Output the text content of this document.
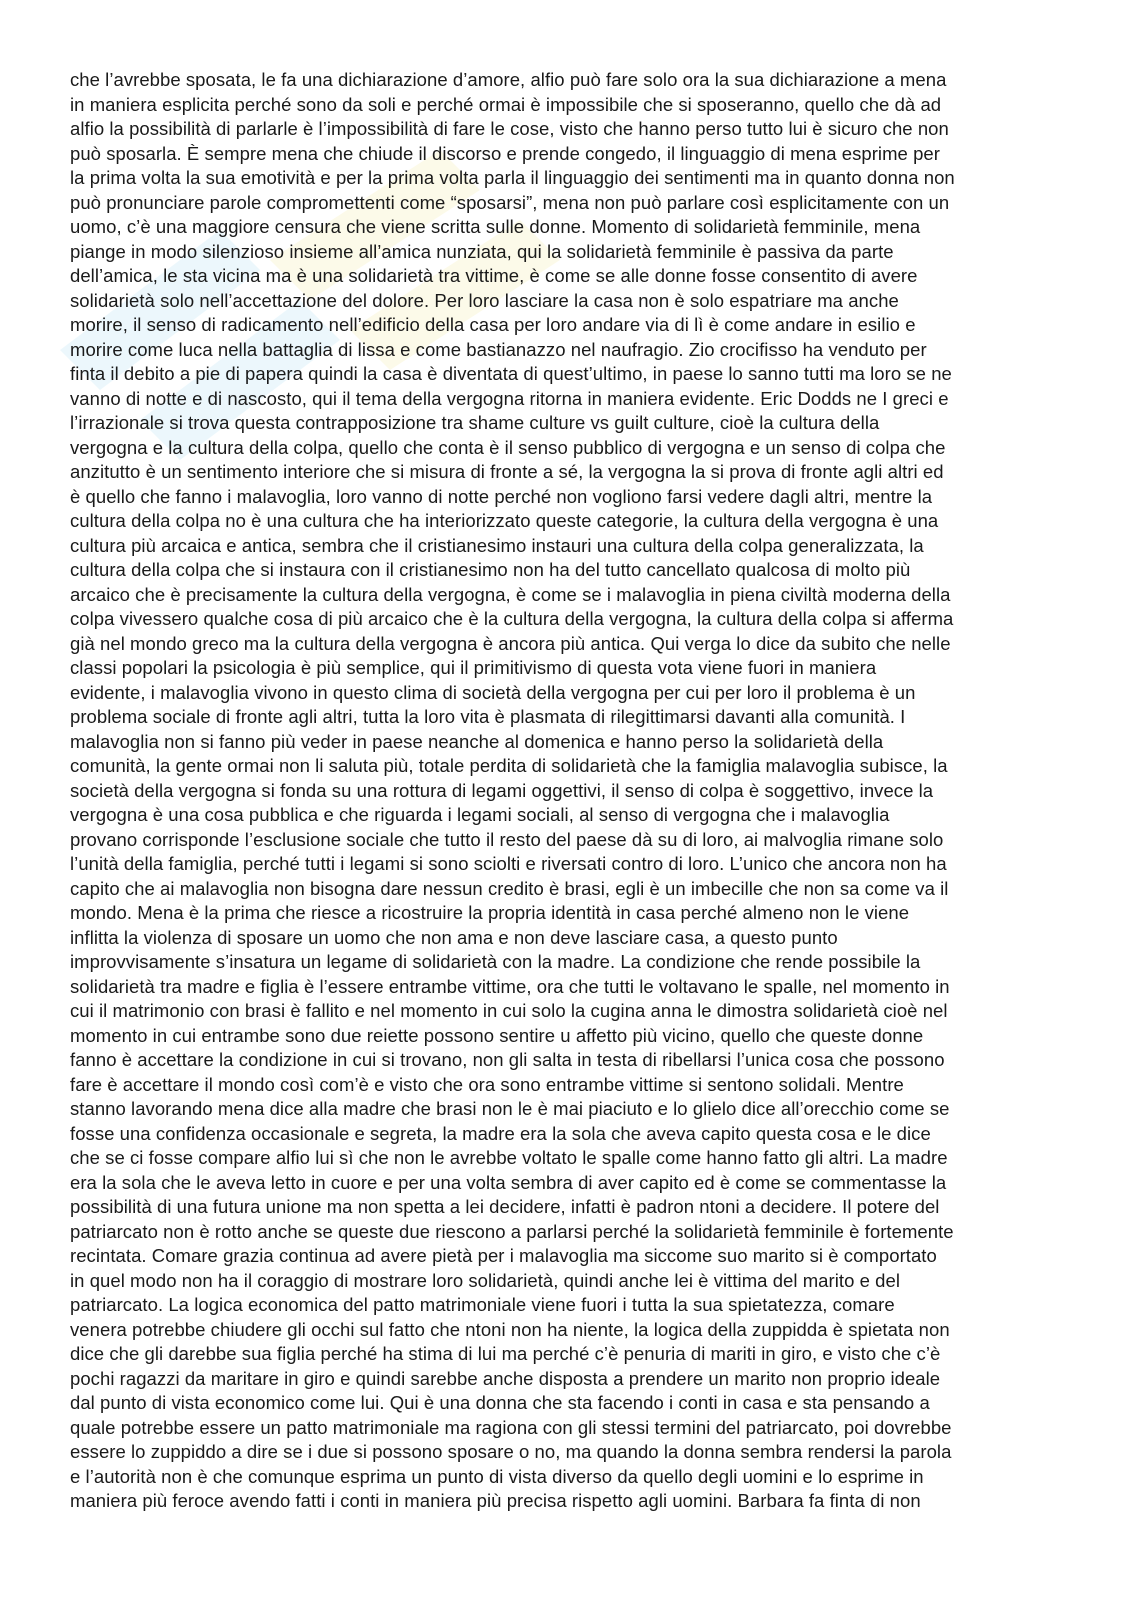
che l’avrebbe sposata, le fa una dichiarazione d’amore, alfio può fare solo ora la sua dichiarazione a mena
in maniera esplicita perché sono da soli e perché ormai è impossibile che si sposeranno, quello che dà ad
alfio la possibilità di parlarle è l’impossibilità di fare le cose, visto che hanno perso tutto lui è sicuro che non
può sposarla. È sempre mena che chiude il discorso e prende congedo, il linguaggio di mena esprime per
la prima volta la sua emotività e per la prima volta parla il linguaggio dei sentimenti ma in quanto donna non
può pronunciare parole compromettenti come “sposarsi”, mena non può parlare così esplicitamente con un
uomo, c’è una maggiore censura che viene scritta sulle donne. Momento di solidarietà femminile, mena
piange in modo silenzioso insieme all’amica nunziata, qui la solidarietà femminile è passiva da parte
dell’amica, le sta vicina ma è una solidarietà tra vittime, è come se alle donne fosse consentito di avere
solidarietà solo nell’accettazione del dolore. Per loro lasciare la casa non è solo espatriare ma anche
morire, il senso di radicamento nell’edificio della casa per loro andare via di lì è come andare in esilio e
morire come luca nella battaglia di lissa e come bastianazzo nel naufragio. Zio crocifisso ha venduto per
finta il debito a pie di papera quindi la casa è diventata di quest’ultimo, in paese lo sanno tutti ma loro se ne
vanno di notte e di nascosto, qui il tema della vergogna ritorna in maniera evidente. Eric Dodds ne I greci e
l’irrazionale si trova questa contrapposizione tra shame culture vs guilt culture, cioè la cultura della
vergogna e la cultura della colpa, quello che conta è il senso pubblico di vergogna e un senso di colpa che
anzitutto è un sentimento interiore che si misura di fronte a sé, la vergogna la si prova di fronte agli altri ed
è quello che fanno i malavoglia, loro vanno di notte perché non vogliono farsi vedere dagli altri, mentre la
cultura della colpa no è una cultura che ha interiorizzato queste categorie, la cultura della vergogna è una
cultura più arcaica e antica, sembra che il cristianesimo instauri una cultura della colpa generalizzata, la
cultura della colpa che si instaura con il cristianesimo non ha del tutto cancellato qualcosa di molto più
arcaico che è precisamente la cultura della vergogna, è come se i malavoglia in piena civiltà moderna della
colpa vivessero qualche cosa di più arcaico che è la cultura della vergogna, la cultura della colpa si afferma
già nel mondo greco ma la cultura della vergogna è ancora più antica. Qui verga lo dice da subito che nelle
classi popolari la psicologia è più semplice, qui il primitivismo di questa vota viene fuori in maniera
evidente, i malavoglia vivono in questo clima di società della vergogna per cui per loro il problema è un
problema sociale di fronte agli altri, tutta la loro vita è plasmata di rilegittimarsi davanti alla comunità. I
malavoglia non si fanno più veder in paese neanche al domenica e hanno perso la solidarietà della
comunità, la gente ormai non li saluta più, totale perdita di solidarietà che la famiglia malavoglia subisce, la
società della vergogna si fonda su una rottura di legami oggettivi, il senso di colpa è soggettivo, invece la
vergogna è una cosa pubblica e che riguarda i legami sociali, al senso di vergogna che i malavoglia
provano corrisponde l’esclusione sociale che tutto il resto del paese dà su di loro, ai malvoglia rimane solo
l’unità della famiglia, perché tutti i legami si sono sciolti e riversati contro di loro. L’unico che ancora non ha
capito che ai malavoglia non bisogna dare nessun credito è brasi, egli è un imbecille che non sa come va il
mondo. Mena è la prima che riesce a ricostruire la propria identità in casa perché almeno non le viene
inflitta la violenza di sposare un uomo che non ama e non deve lasciare casa, a questo punto
improvvisamente s’insatura un legame di solidarietà con la madre. La condizione che rende possibile la
solidarietà tra madre e figlia è l’essere entrambe vittime, ora che tutti le voltavano le spalle, nel momento in
cui il matrimonio con brasi è fallito e nel momento in cui solo la cugina anna le dimostra solidarietà cioè nel
momento in cui entrambe sono due reiette possono sentire u affetto più vicino, quello che queste donne
fanno è accettare la condizione in cui si trovano, non gli salta in testa di ribellarsi l’unica cosa che possono
fare è accettare il mondo così com’è e visto che ora sono entrambe vittime si sentono solidali. Mentre
stanno lavorando mena dice alla madre che brasi non le è mai piaciuto e lo glielo dice all’orecchio come se
fosse una confidenza occasionale e segreta, la madre era la sola che aveva capito questa cosa e le dice
che se ci fosse compare alfio lui sì che non le avrebbe voltato le spalle come hanno fatto gli altri. La madre
era la sola che le aveva letto in cuore e per una volta sembra di aver capito ed è come se commentasse la
possibilità di una futura unione ma non spetta a lei decidere, infatti è padron ntoni a decidere. Il potere del
patriarcato non è rotto anche se queste due riescono a parlarsi perché la solidarietà femminile è fortemente
recintata. Comare grazia continua ad avere pietà per i malavoglia ma siccome suo marito si è comportato
in quel modo non ha il coraggio di mostrare loro solidarietà, quindi anche lei è vittima del marito e del
patriarcato. La logica economica del patto matrimoniale viene fuori i tutta la sua spietatezza, comare
venera potrebbe chiudere gli occhi sul fatto che ntoni non ha niente, la logica della zuppidda è spietata non
dice che gli darebbe sua figlia perché ha stima di lui ma perché c’è penuria di mariti in giro, e visto che c’è
pochi ragazzi da maritare in giro e quindi sarebbe anche disposta a prendere un marito non proprio ideale
dal punto di vista economico come lui. Qui è una donna che sta facendo i conti in casa e sta pensando a
quale potrebbe essere un patto matrimoniale ma ragiona con gli stessi termini del patriarcato, poi dovrebbe
essere lo zuppiddo a dire se i due si possono sposare o no, ma quando la donna sembra rendersi la parola
e l’autorità non è che comunque esprima un punto di vista diverso da quello degli uomini e lo esprime in
maniera più feroce avendo fatti i conti in maniera più precisa rispetto agli uomini. Barbara fa finta di non
